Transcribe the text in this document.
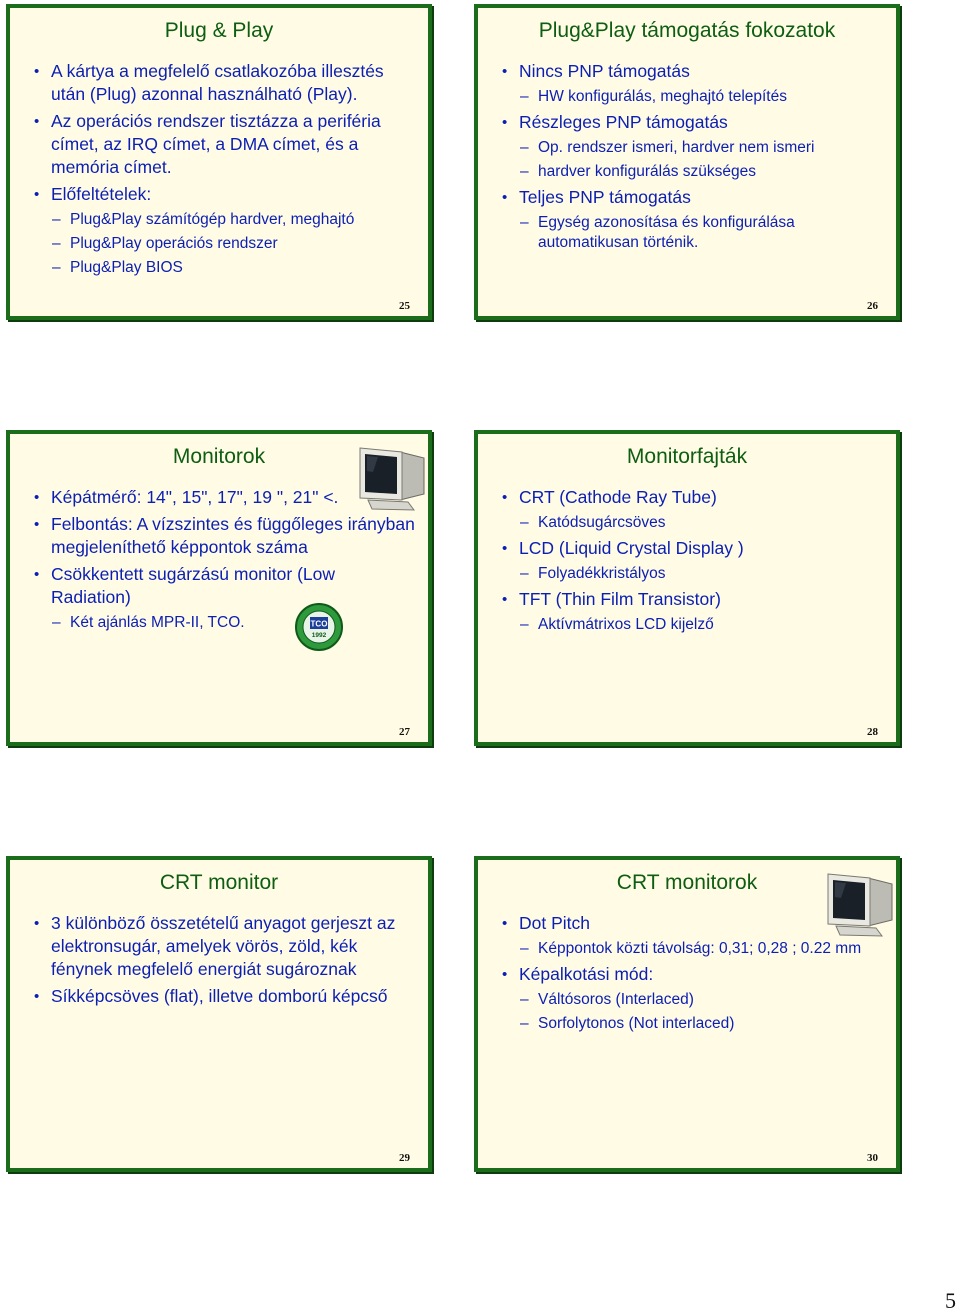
Plug & Play
• A kártya a megfelelő csatlakozóba illesztés után (Plug) azonnal használható (Play).
• Az operációs rendszer tisztázza a periféria címet, az IRQ címet, a DMA címet, és a memória címet.
• Előfeltételek:
– Plug&Play számítógép hardver, meghajtó
– Plug&Play operációs rendszer
– Plug&Play BIOS
25
Plug&Play támogatás fokozatok
• Nincs PNP támogatás
– HW konfigurálás, meghajtó telepítés
• Részleges PNP támogatás
– Op. rendszer ismeri, hardver nem ismeri
– hardver konfigurálás szükséges
• Teljes PNP támogatás
– Egység azonosítása és konfigurálása automatikusan történik.
26
Monitorok
• Képátmérő: 14", 15", 17", 19 ", 21" <.
• Felbontás: A vízszintes és függőleges irányban megjeleníthető képpontok száma
• Csökkentett sugárzású monitor (Low Radiation)
– Két ajánlás MPR-II, TCO.	TCO
1992
27
Monitorfajták
• CRT (Cathode Ray Tube)
– Katódsugárcsöves
• LCD (Liquid Crystal Display )
– Folyadékkristályos
• TFT (Thin Film Transistor)
– Aktívmátrixos LCD kijelző
28
CRT monitor
• 3 különböző összetételű anyagot gerjeszt az elektronsugár, amelyek vörös, zöld, kék fénynek megfelelő energiát sugároznak
• Síkképcsöves (flat), illetve domború képcső
29
CRT monitorok
• Dot Pitch
– Képpontok közti távolság: 0,31; 0,28 ; 0.22 mm
• Képalkotási mód:
– Váltósoros (Interlaced)
– Sorfolytonos (Not interlaced)
30
5
